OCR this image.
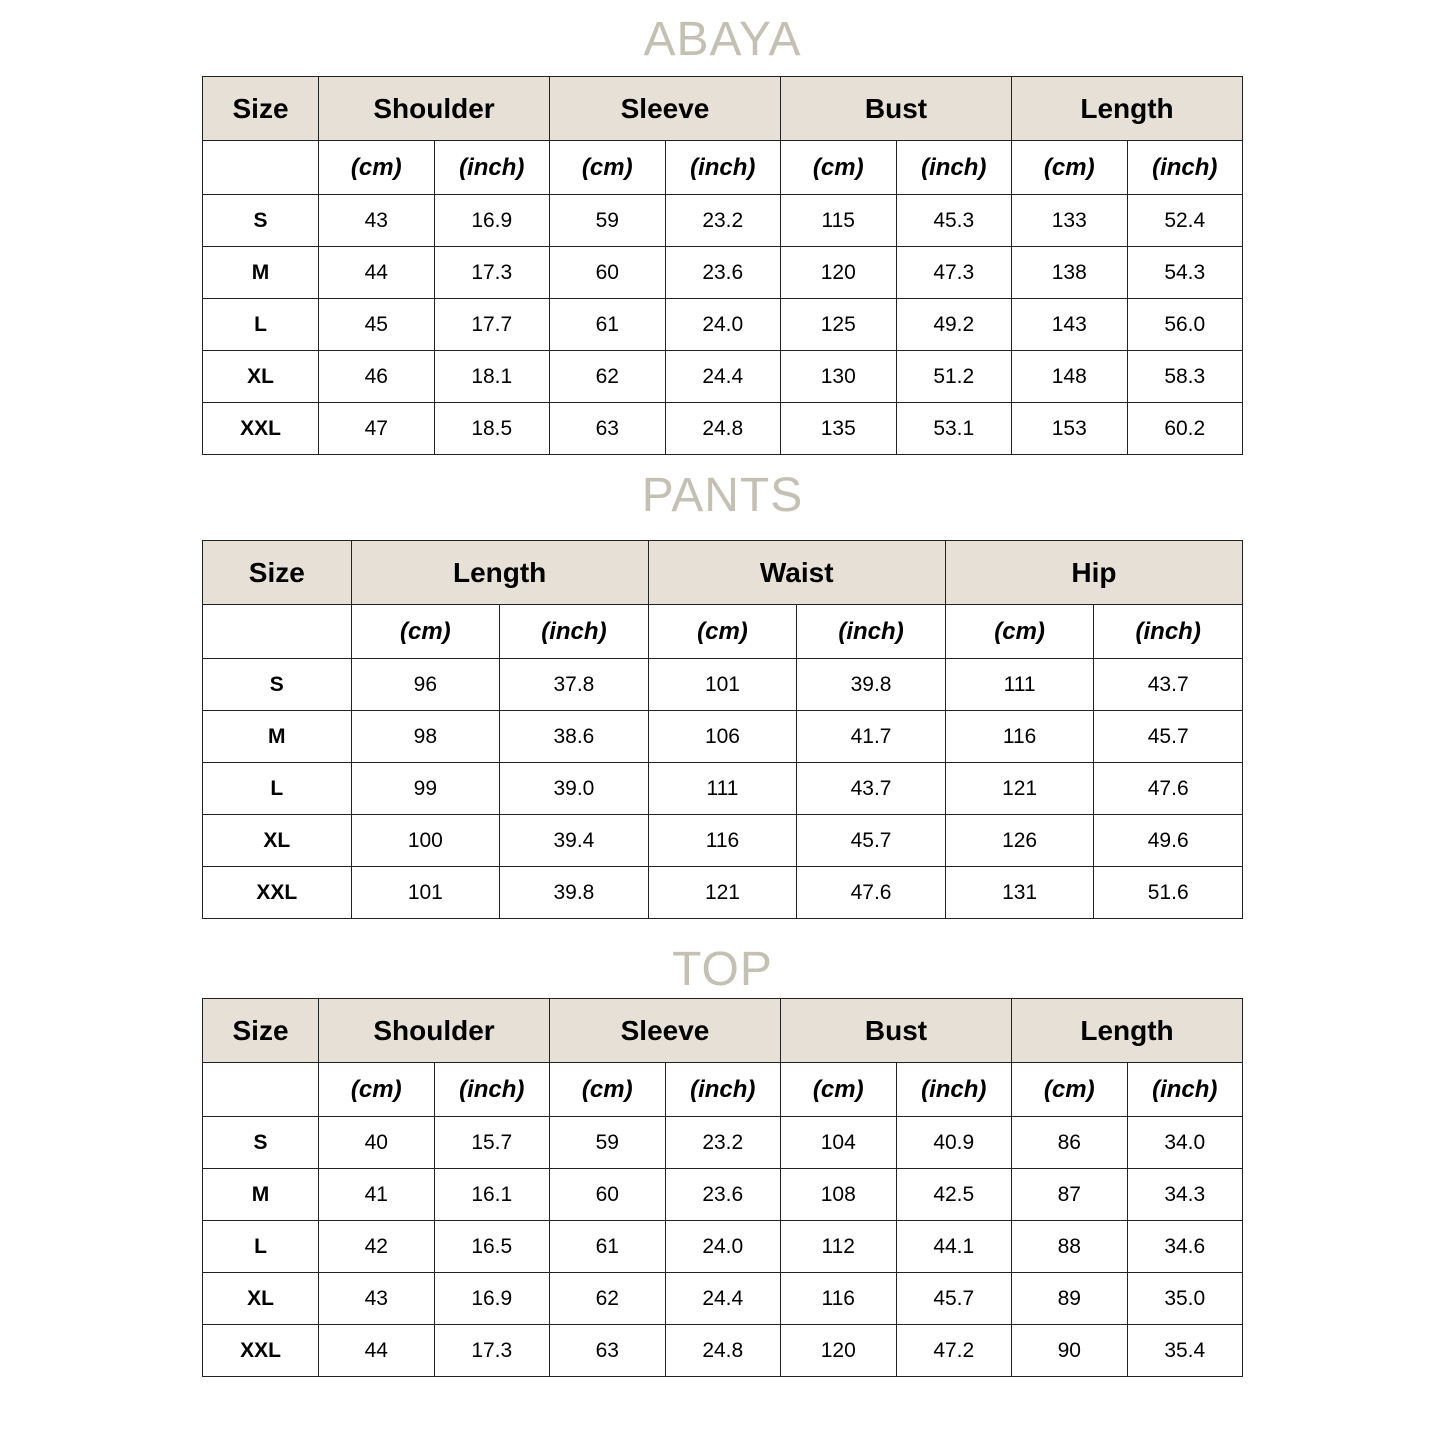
ABAYA
Size	Shoulder		Sleeve		Bust		Length	
	(cm)	(inch)	(cm)	(inch)	(cm)	(inch)	(cm)	(inch)
S	43	16.9	59	23.2	115	45.3	133	52.4
M	44	17.3	60	23.6	120	47.3	138	54.3
L	45	17.7	61	24.0	125	49.2	143	56.0
XL	46	18.1	62	24.4	130	51.2	148	58.3
XXL	47	18.5	63	24.8	135	53.1	153	60.2
PANTS
Size	Length		Waist		Hip	
	(cm)	(inch)	(cm)	(inch)	(cm)	(inch)
S	96	37.8	101	39.8	111	43.7
M	98	38.6	106	41.7	116	45.7
L	99	39.0	111	43.7	121	47.6
XL	100	39.4	116	45.7	126	49.6
XXL	101	39.8	121	47.6	131	51.6
TOP
Size	Shoulder		Sleeve		Bust		Length	
	(cm)	(inch)	(cm)	(inch)	(cm)	(inch)	(cm)	(inch)
S	40	15.7	59	23.2	104	40.9	86	34.0
M	41	16.1	60	23.6	108	42.5	87	34.3
L	42	16.5	61	24.0	112	44.1	88	34.6
XL	43	16.9	62	24.4	116	45.7	89	35.0
XXL	44	17.3	63	24.8	120	47.2	90	35.4
